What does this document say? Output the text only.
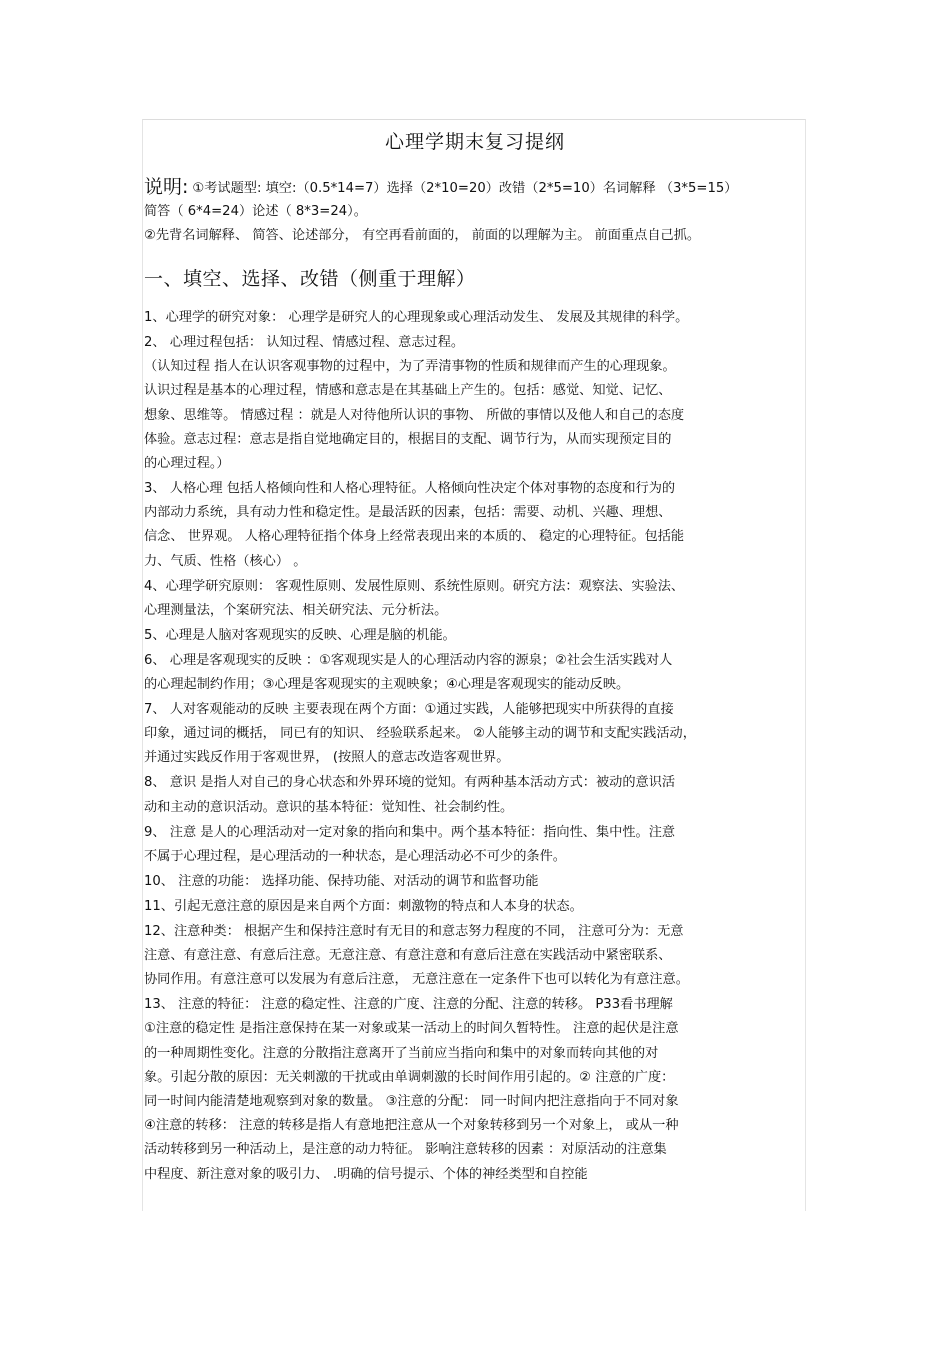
心理学期末复习提纲
说明: ①考试题型: 填空:（0.5*14=7）选择（2*10=20）改错（2*5=10）名词解释 （3*5=15）
简答（ 6*4=24）论述（ 8*3=24）。
②先背名词解释、 简答、论述部分， 有空再看前面的， 前面的以理解为主。 前面重点自己抓。
一、填空、选择、改错（侧重于理解）
1、心理学的研究对象： 心理学是研究人的心理现象或心理活动发生、 发展及其规律的科学。
2、 心理过程包括： 认知过程、情感过程、意志过程。
（认知过程 指人在认识客观事物的过程中，为了弄清事物的性质和规律而产生的心理现象。
认识过程是基本的心理过程，情感和意志是在其基础上产生的。包括：感觉、知觉、记忆、
想象、思维等。 情感过程 ：就是人对待他所认识的事物、 所做的事情以及他人和自己的态度
体验。意志过程：意志是指自觉地确定目的，根据目的支配、调节行为，从而实现预定目的
的心理过程。）
3、 人格心理 包括人格倾向性和人格心理特征。人格倾向性决定个体对事物的态度和行为的
内部动力系统，具有动力性和稳定性。是最活跃的因素，包括：需要、动机、兴趣、理想、
信念、 世界观。 人格心理特征指个体身上经常表现出来的本质的、 稳定的心理特征。包括能
力、气质、性格（核心） 。
4、心理学研究原则： 客观性原则、发展性原则、系统性原则。研究方法：观察法、实验法、
心理测量法，个案研究法、相关研究法、元分析法。
5、心理是人脑对客观现实的反映、心理是脑的机能。
6、 心理是客观现实的反映 ：①客观现实是人的心理活动内容的源泉；②社会生活实践对人
的心理起制约作用；③心理是客观现实的主观映象；④心理是客观现实的能动反映。
7、 人对客观能动的反映 主要表现在两个方面：①通过实践，人能够把现实中所获得的直接
印象，通过词的概括， 同已有的知识、 经验联系起来。 ②人能够主动的调节和支配实践活动，
并通过实践反作用于客观世界， (按照人的意志改造客观世界。
8、 意识 是指人对自己的身心状态和外界环境的觉知。有两种基本活动方式：被动的意识活
动和主动的意识活动。意识的基本特征：觉知性、社会制约性。
9、 注意 是人的心理活动对一定对象的指向和集中。两个基本特征：指向性、集中性。注意
不属于心理过程，是心理活动的一种状态，是心理活动必不可少的条件。
10、 注意的功能： 选择功能、保持功能、对活动的调节和监督功能
11、引起无意注意的原因是来自两个方面：刺激物的特点和人本身的状态。
12、注意种类： 根据产生和保持注意时有无目的和意志努力程度的不同， 注意可分为：无意
注意、有意注意、有意后注意。无意注意、有意注意和有意后注意在实践活动中紧密联系、
协同作用。有意注意可以发展为有意后注意， 无意注意在一定条件下也可以转化为有意注意。
13、 注意的特征： 注意的稳定性、注意的广度、注意的分配、注意的转移。 P33看书理解
①注意的稳定性 是指注意保持在某一对象或某一活动上的时间久暂特性。 注意的起伏是注意
的一种周期性变化。注意的分散指注意离开了当前应当指向和集中的对象而转向其他的对
象。引起分散的原因：无关刺激的干扰或由单调刺激的长时间作用引起的。② 注意的广度：
同一时间内能清楚地观察到对象的数量。 ③注意的分配： 同一时间内把注意指向于不同对象
④注意的转移： 注意的转移是指人有意地把注意从一个对象转移到另一个对象上， 或从一种
活动转移到另一种活动上，是注意的动力特征。 影响注意转移的因素 ：对原活动的注意集
中程度、新注意对象的吸引力、 .明确的信号提示、个体的神经类型和自控能
